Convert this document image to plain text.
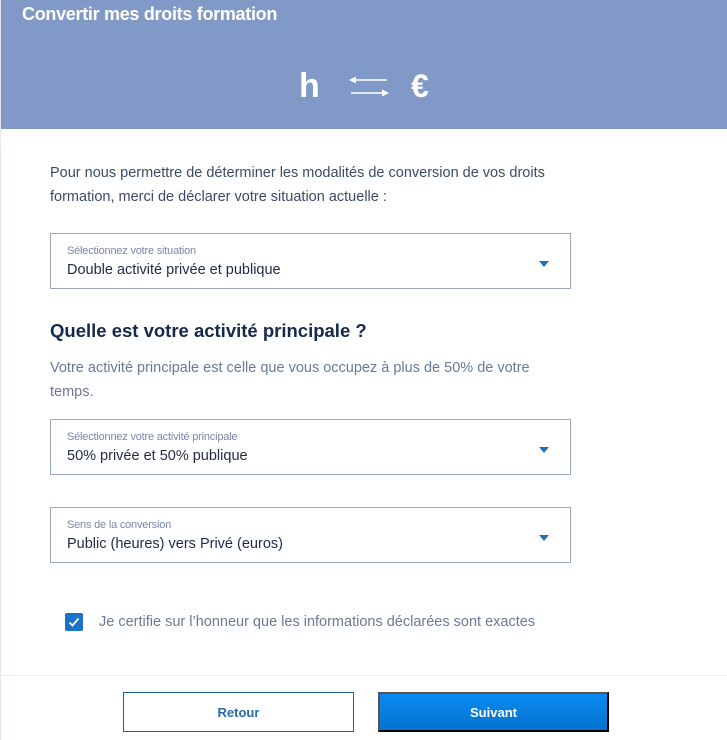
Convertir mes droits formation
h	€

Pour nous permettre de déterminer les modalités de conversion de vos droits formation, merci de déclarer votre situation actuelle :

Sélectionnez votre situation
Double activité privée et publique
Quelle est votre activité principale ?

Votre activité principale est celle que vous occupez à plus de 50% de votre temps.

Sélectionnez votre activité principale
50% privée et 50% publique
Sens de la conversion
Public (heures) vers Privé (euros)
Je certifie sur l’honneur que les informations déclarées sont exactes
Retour	Suivant
